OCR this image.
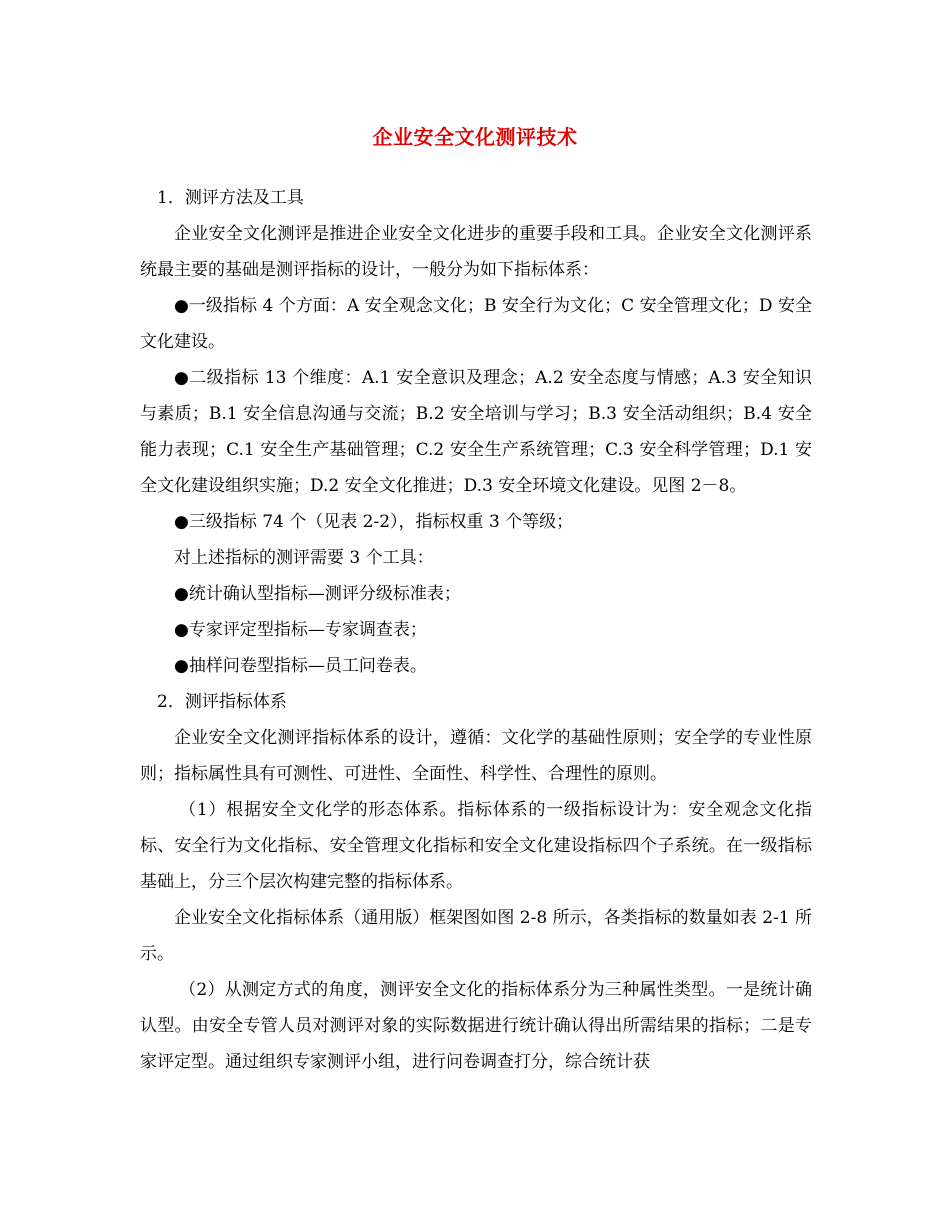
企业安全文化测评技术

1．测评方法及工具

企业安全文化测评是推进企业安全文化进步的重要手段和工具。企业安全文化测评系统最主要的基础是测评指标的设计，一般分为如下指标体系：

●一级指标 4 个方面：A 安全观念文化；B 安全行为文化；C 安全管理文化；D 安全文化建设。

●二级指标 13 个维度：A.1 安全意识及理念；A.2 安全态度与情感；A.3 安全知识与素质；B.1 安全信息沟通与交流；B.2 安全培训与学习；B.3 安全活动组织；B.4 安全能力表现；C.1 安全生产基础管理；C.2 安全生产系统管理；C.3 安全科学管理；D.1 安全文化建设组织实施；D.2 安全文化推进；D.3 安全环境文化建设。见图 2－8。

●三级指标 74 个（见表 2-2），指标权重 3 个等级；

对上述指标的测评需要 3 个工具：

●统计确认型指标—测评分级标准表；

●专家评定型指标—专家调查表；

●抽样问卷型指标—员工问卷表。

2．测评指标体系

企业安全文化测评指标体系的设计，遵循：文化学的基础性原则；安全学的专业性原则；指标属性具有可测性、可进性、全面性、科学性、合理性的原则。

（1）根据安全文化学的形态体系。指标体系的一级指标设计为：安全观念文化指标、安全行为文化指标、安全管理文化指标和安全文化建设指标四个子系统。在一级指标基础上，分三个层次构建完整的指标体系。

企业安全文化指标体系（通用版）框架图如图 2-8 所示，各类指标的数量如表 2-1 所示。

（2）从测定方式的角度，测评安全文化的指标体系分为三种属性类型。一是统计确认型。由安全专管人员对测评对象的实际数据进行统计确认得出所需结果的指标；二是专家评定型。通过组织专家测评小组，进行问卷调查打分，综合统计获
